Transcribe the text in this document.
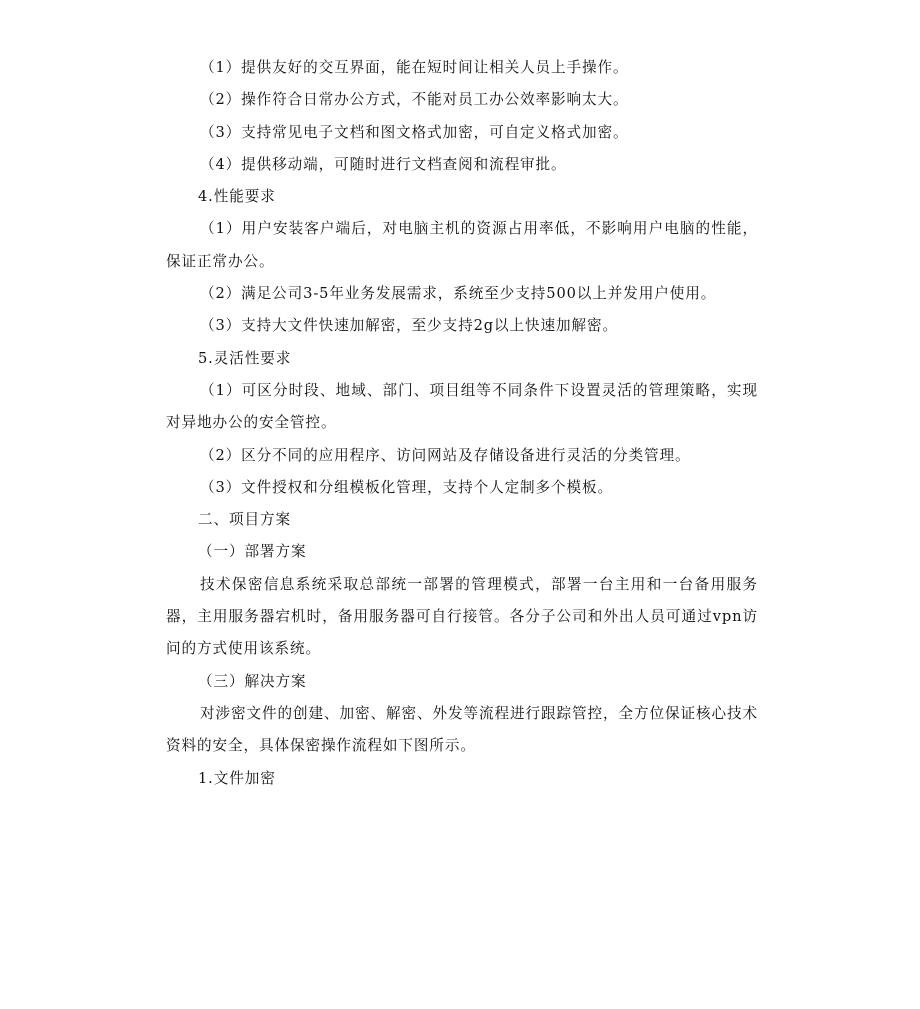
（1）提供友好的交互界面，能在短时间让相关人员上手操作。

（2）操作符合日常办公方式，不能对员工办公效率影响太大。

（3）支持常见电子文档和图文格式加密，可自定义格式加密。

（4）提供移动端，可随时进行文档查阅和流程审批。

4.性能要求

（1）用户安装客户端后，对电脑主机的资源占用率低，不影响用户电脑的性能，保证正常办公。

（2）满足公司3-5年业务发展需求，系统至少支持500以上并发用户使用。

（3）支持大文件快速加解密，至少支持2g以上快速加解密。

5.灵活性要求

（1）可区分时段、地域、部门、项目组等不同条件下设置灵活的管理策略，实现对异地办公的安全管控。

（2）区分不同的应用程序、访问网站及存储设备进行灵活的分类管理。

（3）文件授权和分组模板化管理，支持个人定制多个模板。

二、项目方案

（一）部署方案

技术保密信息系统采取总部统一部署的管理模式，部署一台主用和一台备用服务器，主用服务器宕机时，备用服务器可自行接管。各分子公司和外出人员可通过vpn访问的方式使用该系统。

（三）解决方案

对涉密文件的创建、加密、解密、外发等流程进行跟踪管控，全方位保证核心技术资料的安全，具体保密操作流程如下图所示。

1.文件加密
